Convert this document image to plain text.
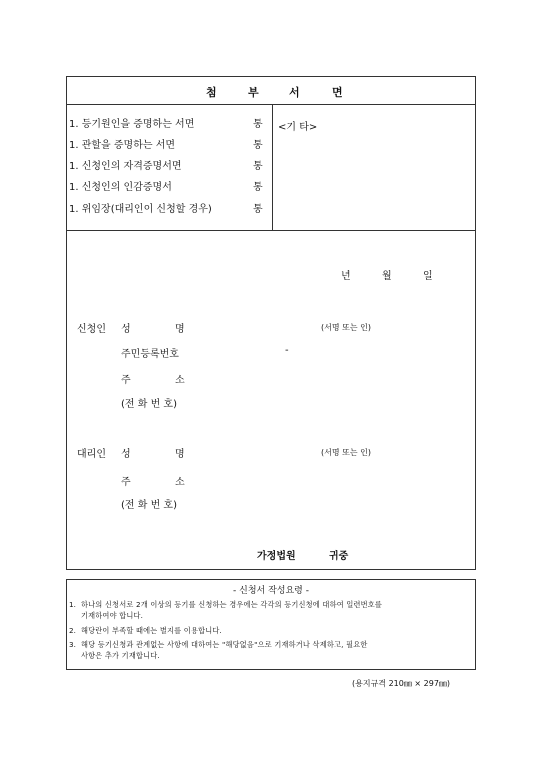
첨	부	서	면
1. 등기원인을 증명하는 서면	통
1. 관할을 증명하는 서면	통
1. 신청인의 자격증명서면	통
1. 신청인의 인감증명서	통
1. 위임장(대리인이 신청할 경우)	통
<기 타>
년	월	일
신청인 성	명	(서명 또는 인)
주민등록번호	-
주	소
(전 화 번 호)
대리인 성	명	(서명 또는 인)
주	소
(전 화 번 호)
가정법원	귀중
- 신청서 작성요령 -
1. 하나의 신청서로 2개 이상의 등기를 신청하는 경우에는 각각의 등기신청에 대하여 일련번호를
기재하여야 합니다.
2. 해당란이 부족할 때에는 별지를 이용합니다.
3. 해당 등기신청과 관계없는 사항에 대하여는 "해당없음"으로 기재하거나 삭제하고, 필요한
사항은 추가 기재합니다.
(용지규격 210㎜ × 297㎜)
